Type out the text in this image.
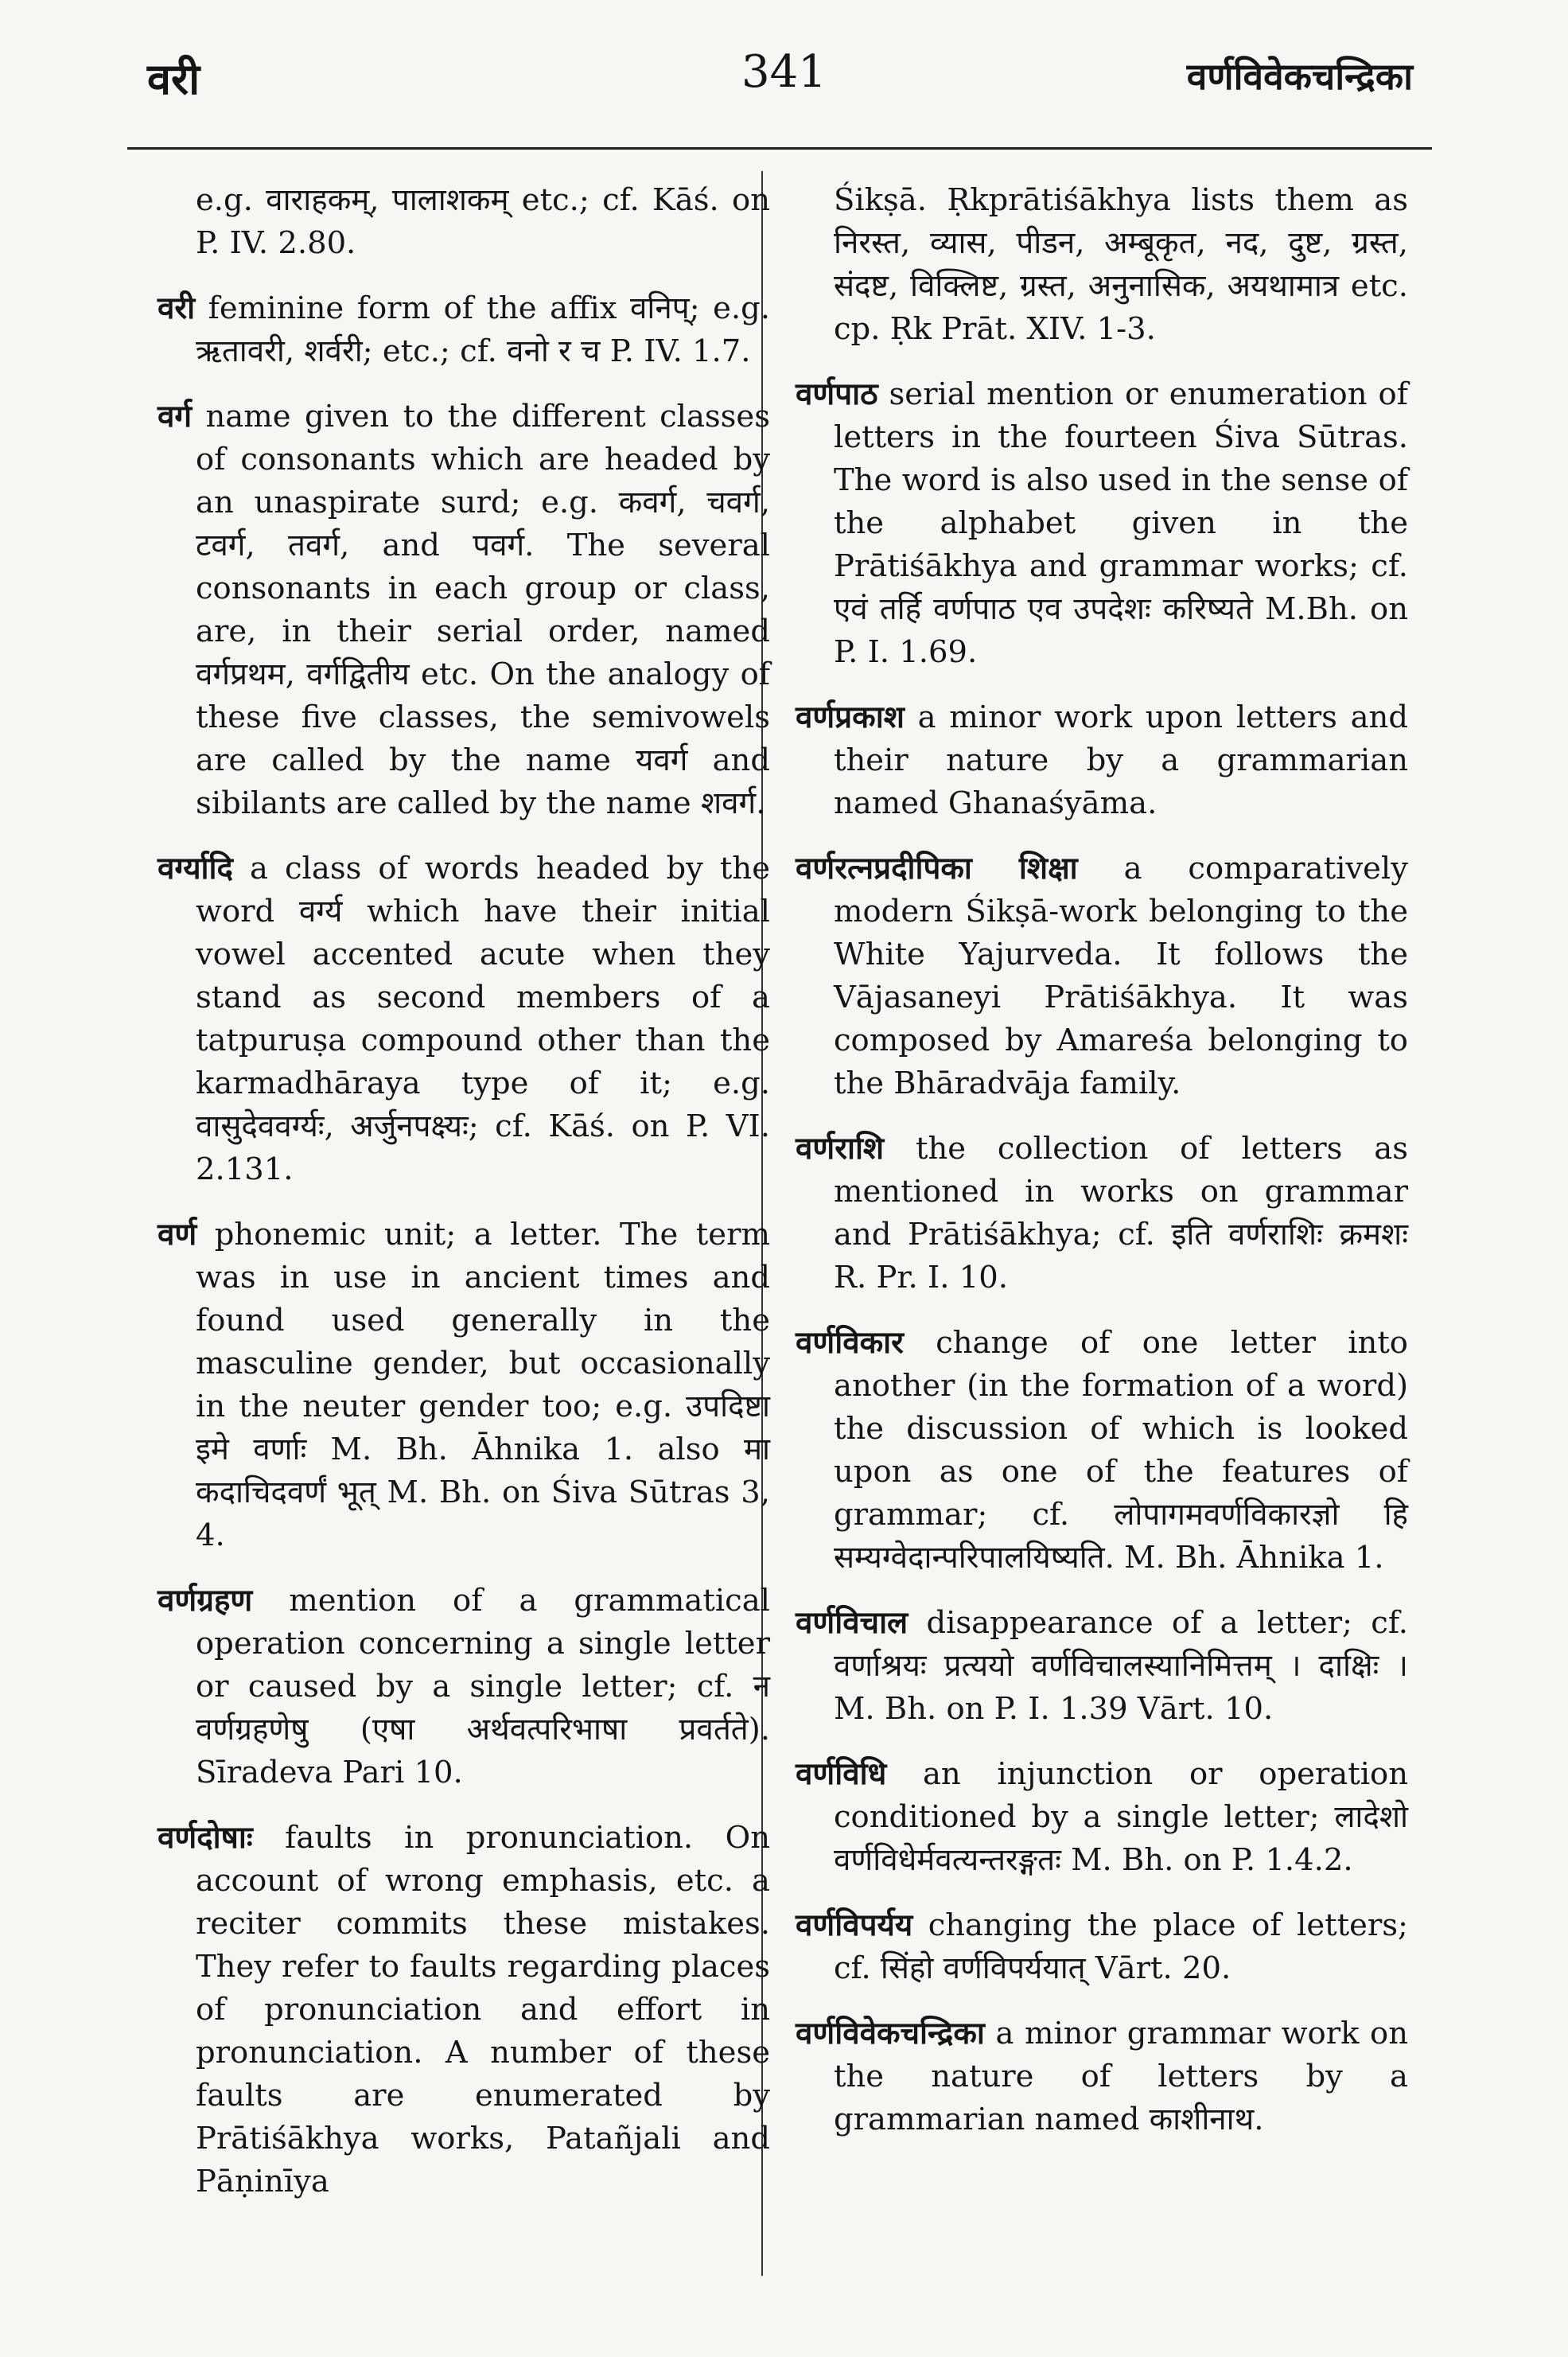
वरी	341	वर्णविवेकचन्द्रिका
e.g. वाराहकम्, पालाशकम् etc.; cf. Kāś. on P. IV. 2.80.
वरी feminine form of the affix वनिप्; e.g. ऋतावरी, शर्वरी; etc.; cf. वनो र च P. IV. 1.7.
वर्ग name given to the different classes of consonants which are headed by an unaspirate surd; e.g. कवर्ग, चवर्ग, टवर्ग, तवर्ग, and पवर्ग. The several consonants in each group or class, are, in their serial order, named वर्गप्रथम, वर्गद्वितीय etc. On the analogy of these five classes, the semivowels are called by the name यवर्ग and sibilants are called by the name शवर्ग.
वर्ग्यादि a class of words headed by the word वर्ग्य which have their initial vowel accented acute when they stand as second members of a tatpuruṣa compound other than the karmadhāraya type of it; e.g. वासुदेववर्ग्यः, अर्जुनपक्ष्यः; cf. Kāś. on P. VI. 2.131.
वर्ण phonemic unit; a letter. The term was in use in ancient times and found used generally in the masculine gender, but occasionally in the neuter gender too; e.g. उपदिष्टा इमे वर्णाः M. Bh. Āhnika 1. also मा कदाचिदवर्णं भूत् M. Bh. on Śiva Sūtras 3, 4.
वर्णग्रहण mention of a grammatical operation concerning a single letter or caused by a single letter; cf. न वर्णग्रहणेषु (एषा अर्थवत्परिभाषा प्रवर्तते). Sīradeva Pari 10.
वर्णदोषाः faults in pronunciation. On account of wrong emphasis, etc. a reciter commits these mistakes. They refer to faults regarding places of pronunciation and effort in pronunciation. A number of these faults are enumerated by Prātiśākhya works, Patañjali and Pāṇinīya
Śikṣā. Ṛkprātiśākhya lists them as निरस्त, व्यास, पीडन, अम्बूकृत, नद, दुष्ट, ग्रस्त, संदष्ट, विक्लिष्ट, ग्रस्त, अनुनासिक, अयथामात्र etc. cp. Ṛk Prāt. XIV. 1-3.
वर्णपाठ serial mention or enumeration of letters in the fourteen Śiva Sūtras. The word is also used in the sense of the alphabet given in the Prātiśākhya and grammar works; cf. एवं तर्हि वर्णपाठ एव उपदेशः करिष्यते M.Bh. on P. I. 1.69.
वर्णप्रकाश a minor work upon letters and their nature by a grammarian named Ghanaśyāma.
वर्णरत्नप्रदीपिका शिक्षा a comparatively modern Śikṣā-work belonging to the White Yajurveda. It follows the Vājasaneyi Prātiśākhya. It was composed by Amareśa belonging to the Bhāradvāja family.
वर्णराशि the collection of letters as mentioned in works on grammar and Prātiśākhya; cf. इति वर्णराशिः क्रमशः R. Pr. I. 10.
वर्णविकार change of one letter into another (in the formation of a word) the discussion of which is looked upon as one of the features of grammar; cf. लोपागमवर्णविकारज्ञो हि सम्यग्वेदान्परिपालयिष्यति. M. Bh. Āhnika 1.
वर्णविचाल disappearance of a letter; cf. वर्णाश्रयः प्रत्ययो वर्णविचालस्यानिमित्तम् । दाक्षिः । M. Bh. on P. I. 1.39 Vārt. 10.
वर्णविधि an injunction or operation conditioned by a single letter; लादेशो वर्णविधेर्मवत्यन्तरङ्गतः M. Bh. on P. 1.4.2.
वर्णविपर्यय changing the place of letters; cf. सिंहो वर्णविपर्ययात् Vārt. 20.
वर्णविवेकचन्द्रिका a minor grammar work on the nature of letters by a grammarian named काशीनाथ.
